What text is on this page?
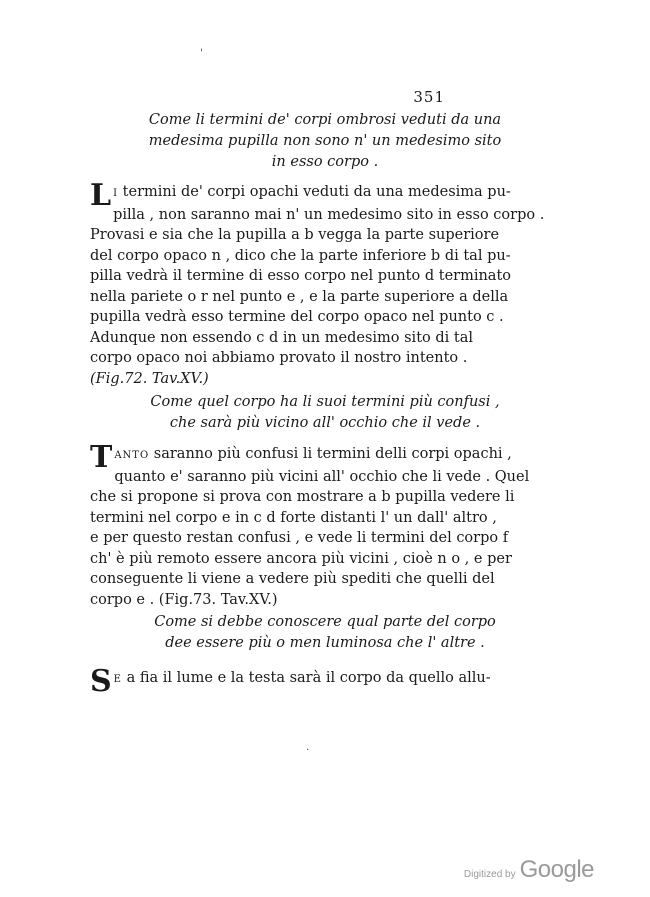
'
351
Come li termini de' corpi ombrosi veduti da una
medesima pupilla non sono n' un medesimo sito
in esso corpo .
L I termini de' corpi opachi veduti da una medesima pu-
pilla , non saranno mai n' un medesimo sito in esso corpo .
Provasi e sia che la pupilla a b vegga la parte superiore
del corpo opaco n , dico che la parte inferiore b di tal pu-
pilla vedrà il termine di esso corpo nel punto d terminato
nella pariete o r nel punto e , e la parte superiore a della
pupilla vedrà esso termine del corpo opaco nel punto c .
Adunque non essendo c d in un medesimo sito di tal
corpo opaco noi abbiamo provato il nostro intento .
(Fig.72. Tav.XV.)
Come quel corpo ha li suoi termini più confusi ,
che sarà più vicino all' occhio che il vede .
TANTO saranno più confusi li termini delli corpi opachi ,
quanto e' saranno più vicini all' occhio che li vede . Quel
che si propone si prova con mostrare a b pupilla vedere li
termini nel corpo e in c d forte distanti l' un dall' altro ,
e per questo restan confusi , e vede li termini del corpo f
ch' è più remoto essere ancora più vicini , cioè n o , e per
conseguente li viene a vedere più spediti che quelli del
corpo e . (Fig.73. Tav.XV.)
Come si debbe conoscere qual parte del corpo
dee essere più o men luminosa che l' altre .
S E a fia il lume e la testa sarà il corpo da quello allu-
.
Digitized by Google
